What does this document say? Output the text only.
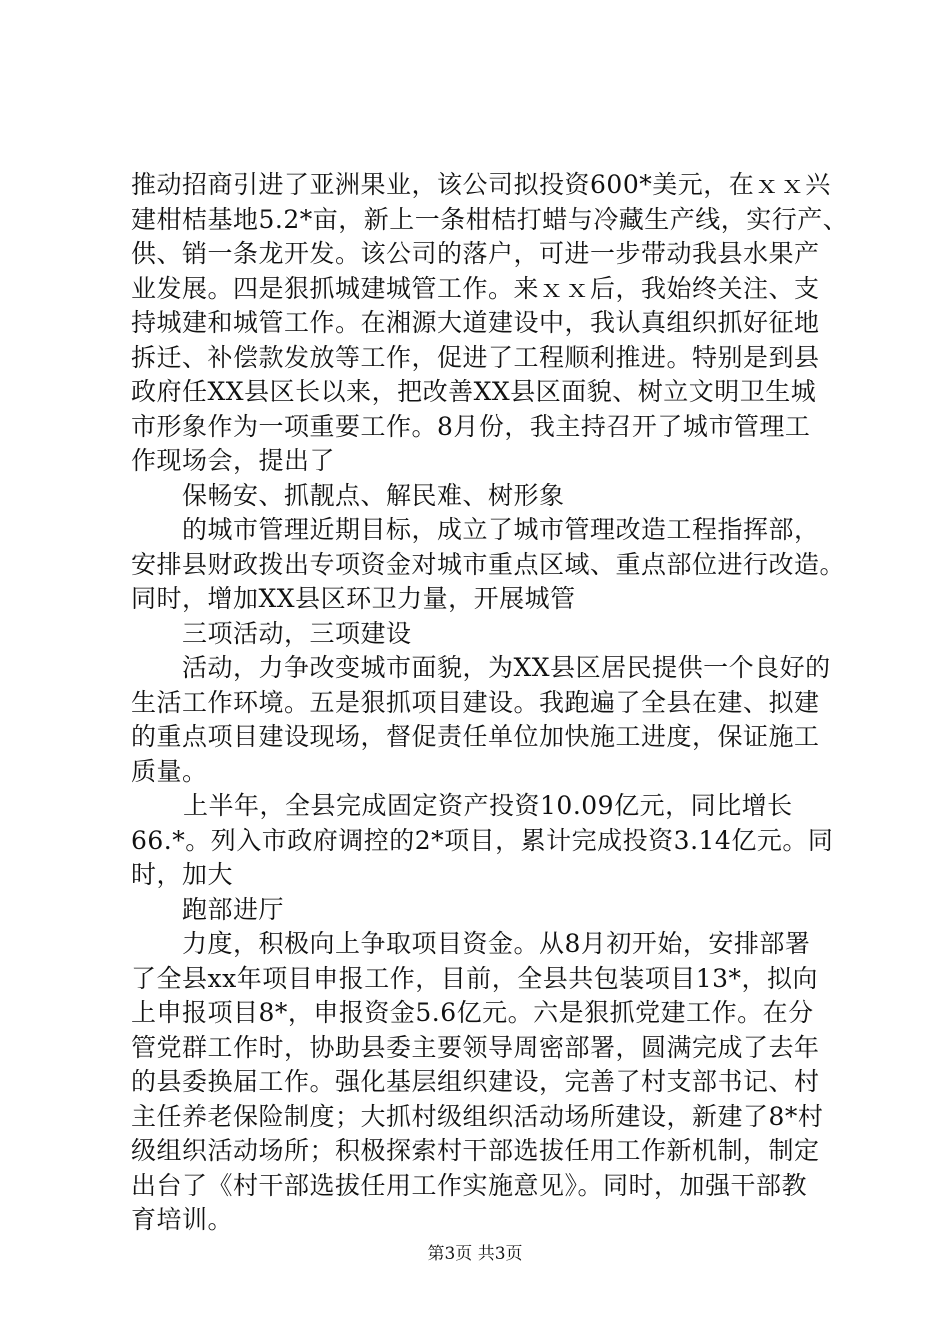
推动招商引进了亚洲果业，该公司拟投资600*美元，在ｘｘ兴
建柑桔基地5.2*亩，新上一条柑桔打蜡与冷藏生产线，实行产、
供、销一条龙开发。该公司的落户，可进一步带动我县水果产
业发展。四是狠抓城建城管工作。来ｘｘ后，我始终关注、支
持城建和城管工作。在湘源大道建设中，我认真组织抓好征地
拆迁、补偿款发放等工作，促进了工程顺利推进。特别是到县
政府任XX县区长以来，把改善XX县区面貌、树立文明卫生城
市形象作为一项重要工作。8月份，我主持召开了城市管理工
作现场会，提出了
保畅安、抓靓点、解民难、树形象
的城市管理近期目标，成立了城市管理改造工程指挥部，
安排县财政拨出专项资金对城市重点区域、重点部位进行改造。
同时，增加XX县区环卫力量，开展城管
三项活动，三项建设
活动，力争改变城市面貌，为XX县区居民提供一个良好的
生活工作环境。五是狠抓项目建设。我跑遍了全县在建、拟建
的重点项目建设现场，督促责任单位加快施工进度，保证施工
质量。
上半年，全县完成固定资产投资10.09亿元，同比增长
66.*。列入市政府调控的2*项目，累计完成投资3.14亿元。同
时，加大
跑部进厅
力度，积极向上争取项目资金。从8月初开始，安排部署
了全县xx年项目申报工作，目前，全县共包装项目13*，拟向
上申报项目8*，申报资金5.6亿元。六是狠抓党建工作。在分
管党群工作时，协助县委主要领导周密部署，圆满完成了去年
的县委换届工作。强化基层组织建设，完善了村支部书记、村
主任养老保险制度；大抓村级组织活动场所建设，新建了8*村
级组织活动场所；积极探索村干部选拔任用工作新机制，制定
出台了《村干部选拔任用工作实施意见》。同时，加强干部教
育培训。
第3页 共3页
